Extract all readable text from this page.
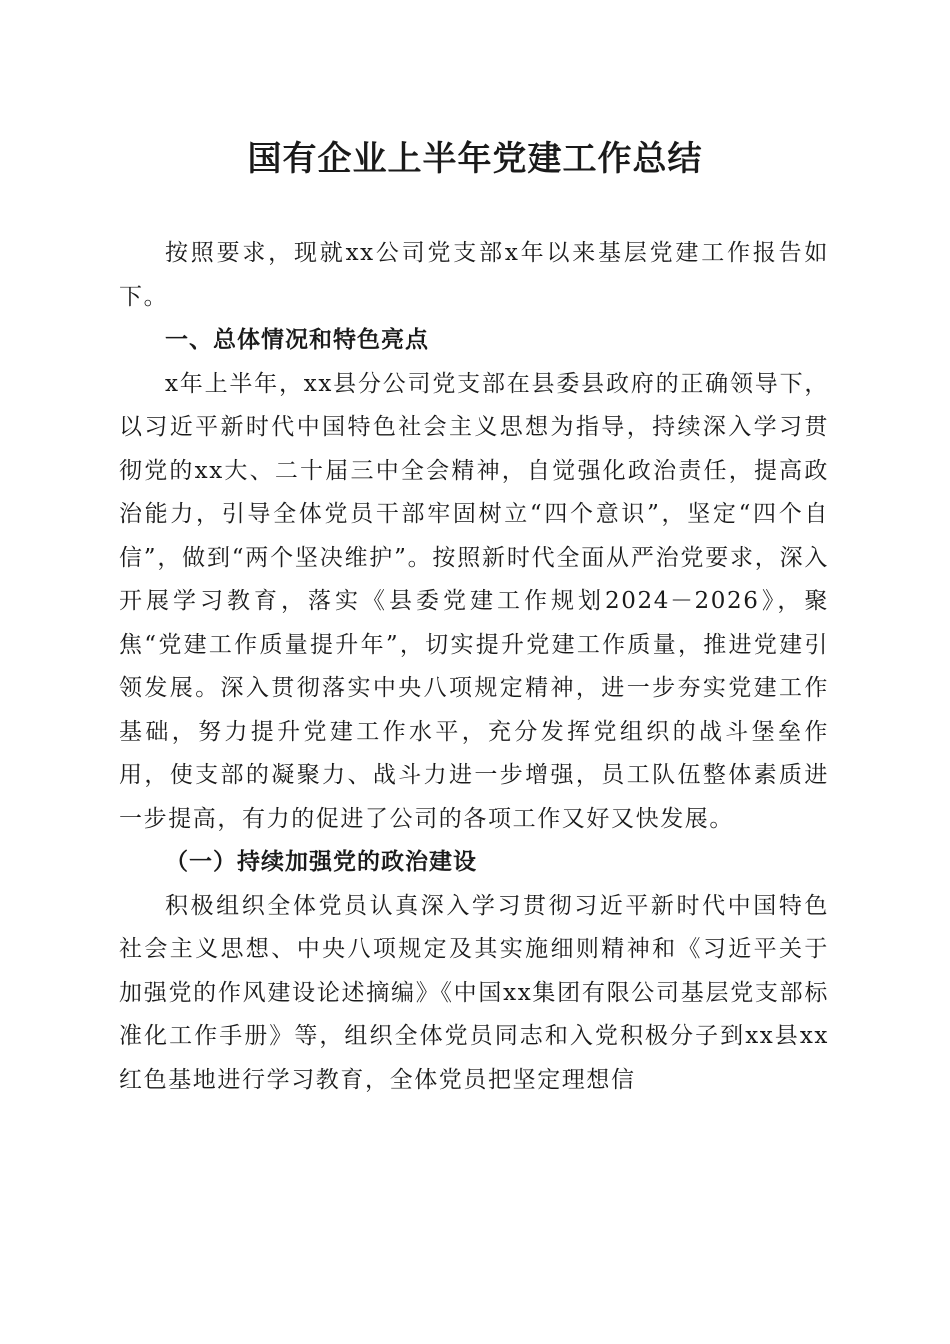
国有企业上半年党建工作总结

按照要求，现就xx公司党支部x年以来基层党建工作报告如下。

一、总体情况和特色亮点

x年上半年，xx县分公司党支部在县委县政府的正确领导下，以习近平新时代中国特色社会主义思想为指导，持续深入学习贯彻党的xx大、二十届三中全会精神，自觉强化政治责任，提高政治能力，引导全体党员干部牢固树立“四个意识”，坚定“四个自信”，做到“两个坚决维护”。按照新时代全面从严治党要求，深入开展学习教育，落实《县委党建工作规划2024－2026》，聚焦“党建工作质量提升年”，切实提升党建工作质量，推进党建引领发展。深入贯彻落实中央八项规定精神，进一步夯实党建工作基础，努力提升党建工作水平，充分发挥党组织的战斗堡垒作用，使支部的凝聚力、战斗力进一步增强，员工队伍整体素质进一步提高，有力的促进了公司的各项工作又好又快发展。

（一）持续加强党的政治建设

积极组织全体党员认真深入学习贯彻习近平新时代中国特色社会主义思想、中央八项规定及其实施细则精神和《习近平关于加强党的作风建设论述摘编》《中国xx集团有限公司基层党支部标准化工作手册》等，组织全体党员同志和入党积极分子到xx县xx红色基地进行学习教育，全体党员把坚定理想信
